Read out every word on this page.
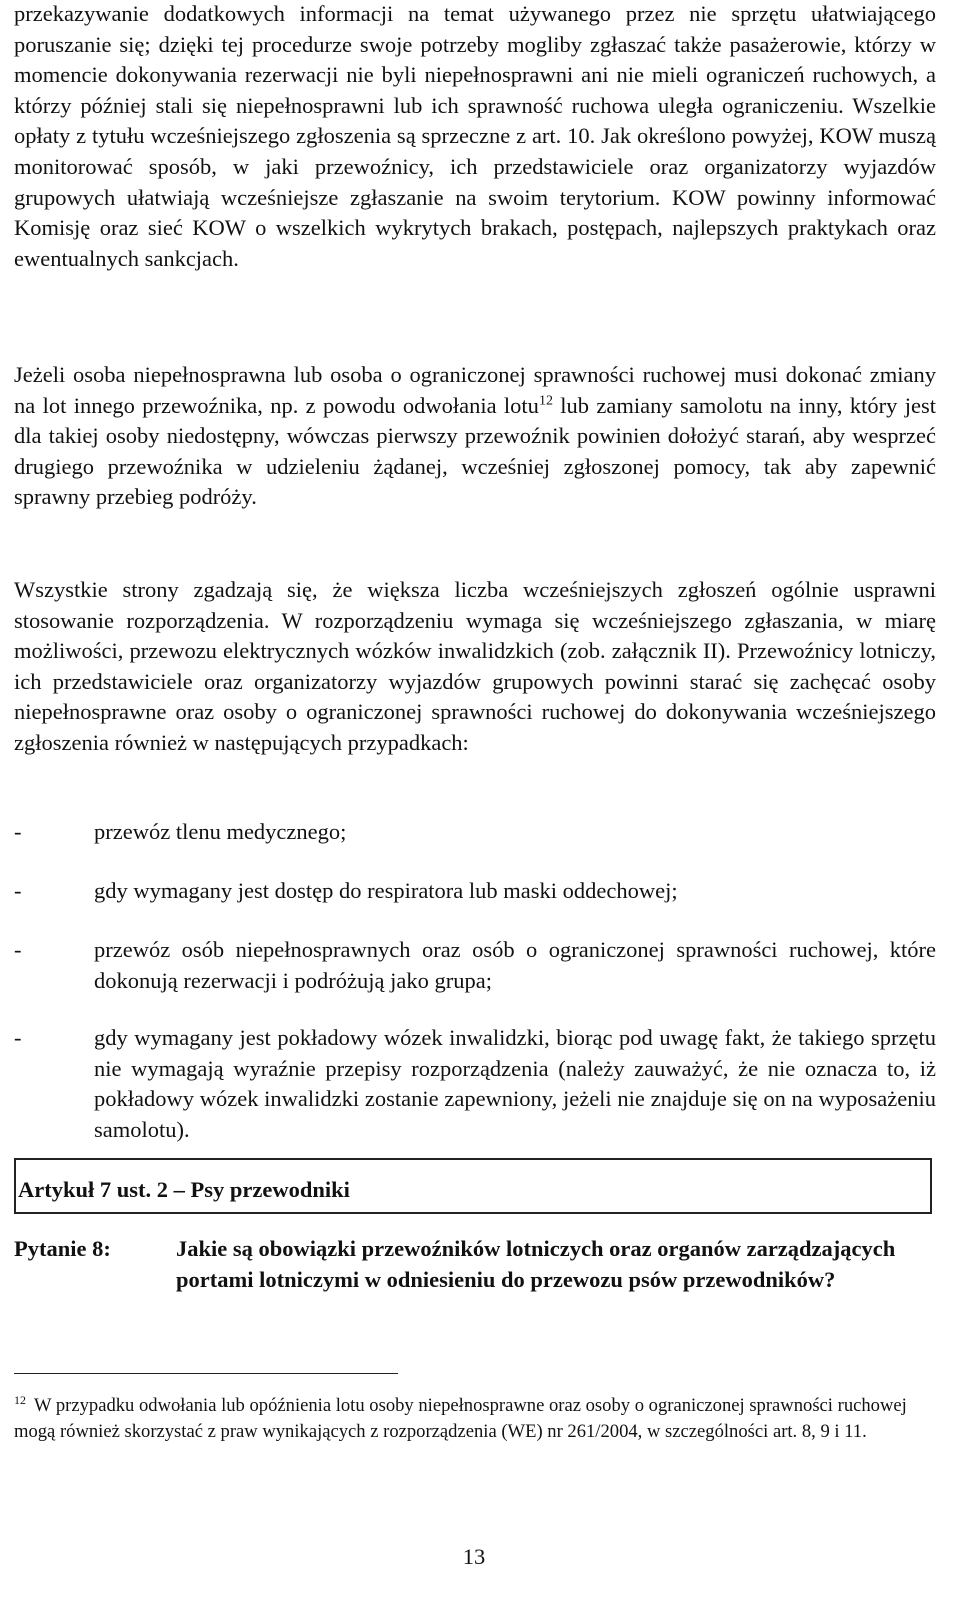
przekazywanie dodatkowych informacji na temat używanego przez nie sprzętu ułatwiającego poruszanie się; dzięki tej procedurze swoje potrzeby mogliby zgłaszać także pasażerowie, którzy w momencie dokonywania rezerwacji nie byli niepełnosprawni ani nie mieli ograniczeń ruchowych, a którzy później stali się niepełnosprawni lub ich sprawność ruchowa uległa ograniczeniu. Wszelkie opłaty z tytułu wcześniejszego zgłoszenia są sprzeczne z art. 10. Jak określono powyżej, KOW muszą monitorować sposób, w jaki przewoźnicy, ich przedstawiciele oraz organizatorzy wyjazdów grupowych ułatwiają wcześniejsze zgłaszanie na swoim terytorium. KOW powinny informować Komisję oraz sieć KOW o wszelkich wykrytych brakach, postępach, najlepszych praktykach oraz ewentualnych sankcjach.

Jeżeli osoba niepełnosprawna lub osoba o ograniczonej sprawności ruchowej musi dokonać zmiany na lot innego przewoźnika, np. z powodu odwołania lotu$^{12}$ lub zamiany samolotu na inny, który jest dla takiej osoby niedostępny, wówczas pierwszy przewoźnik powinien dołożyć starań, aby wesprzeć drugiego przewoźnika w udzieleniu żądanej, wcześniej zgłoszonej pomocy, tak aby zapewnić sprawny przebieg podróży.

Wszystkie strony zgadzają się, że większa liczba wcześniejszych zgłoszeń ogólnie usprawni stosowanie rozporządzenia. W rozporządzeniu wymaga się wcześniejszego zgłaszania, w miarę możliwości, przewozu elektrycznych wózków inwalidzkich (zob. załącznik II). Przewoźnicy lotniczy, ich przedstawiciele oraz organizatorzy wyjazdów grupowych powinni starać się zachęcać osoby niepełnosprawne oraz osoby o ograniczonej sprawności ruchowej do dokonywania wcześniejszego zgłoszenia również w następujących przypadkach:

-	przewóz tlenu medycznego;
-	gdy wymagany jest dostęp do respiratora lub maski oddechowej;
-	przewóz osób niepełnosprawnych oraz osób o ograniczonej sprawności ruchowej, które dokonują rezerwacji i podróżują jako grupa;
-	gdy wymagany jest pokładowy wózek inwalidzki, biorąc pod uwagę fakt, że takiego sprzętu nie wymagają wyraźnie przepisy rozporządzenia (należy zauważyć, że nie oznacza to, iż pokładowy wózek inwalidzki zostanie zapewniony, jeżeli nie znajduje się on na wyposażeniu samolotu).
Artykuł 7 ust. 2 – Psy przewodniki
Pytanie 8:	Jakie są obowiązki przewoźników lotniczych oraz organów zarządzających portami lotniczymi w odniesieniu do przewozu psów przewodników?

$^{12}$ W przypadku odwołania lub opóźnienia lotu osoby niepełnosprawne oraz osoby o ograniczonej sprawności ruchowej mogą również skorzystać z praw wynikających z rozporządzenia (WE) nr 261/2004, w szczególności art. 8, 9 i 11.

13
